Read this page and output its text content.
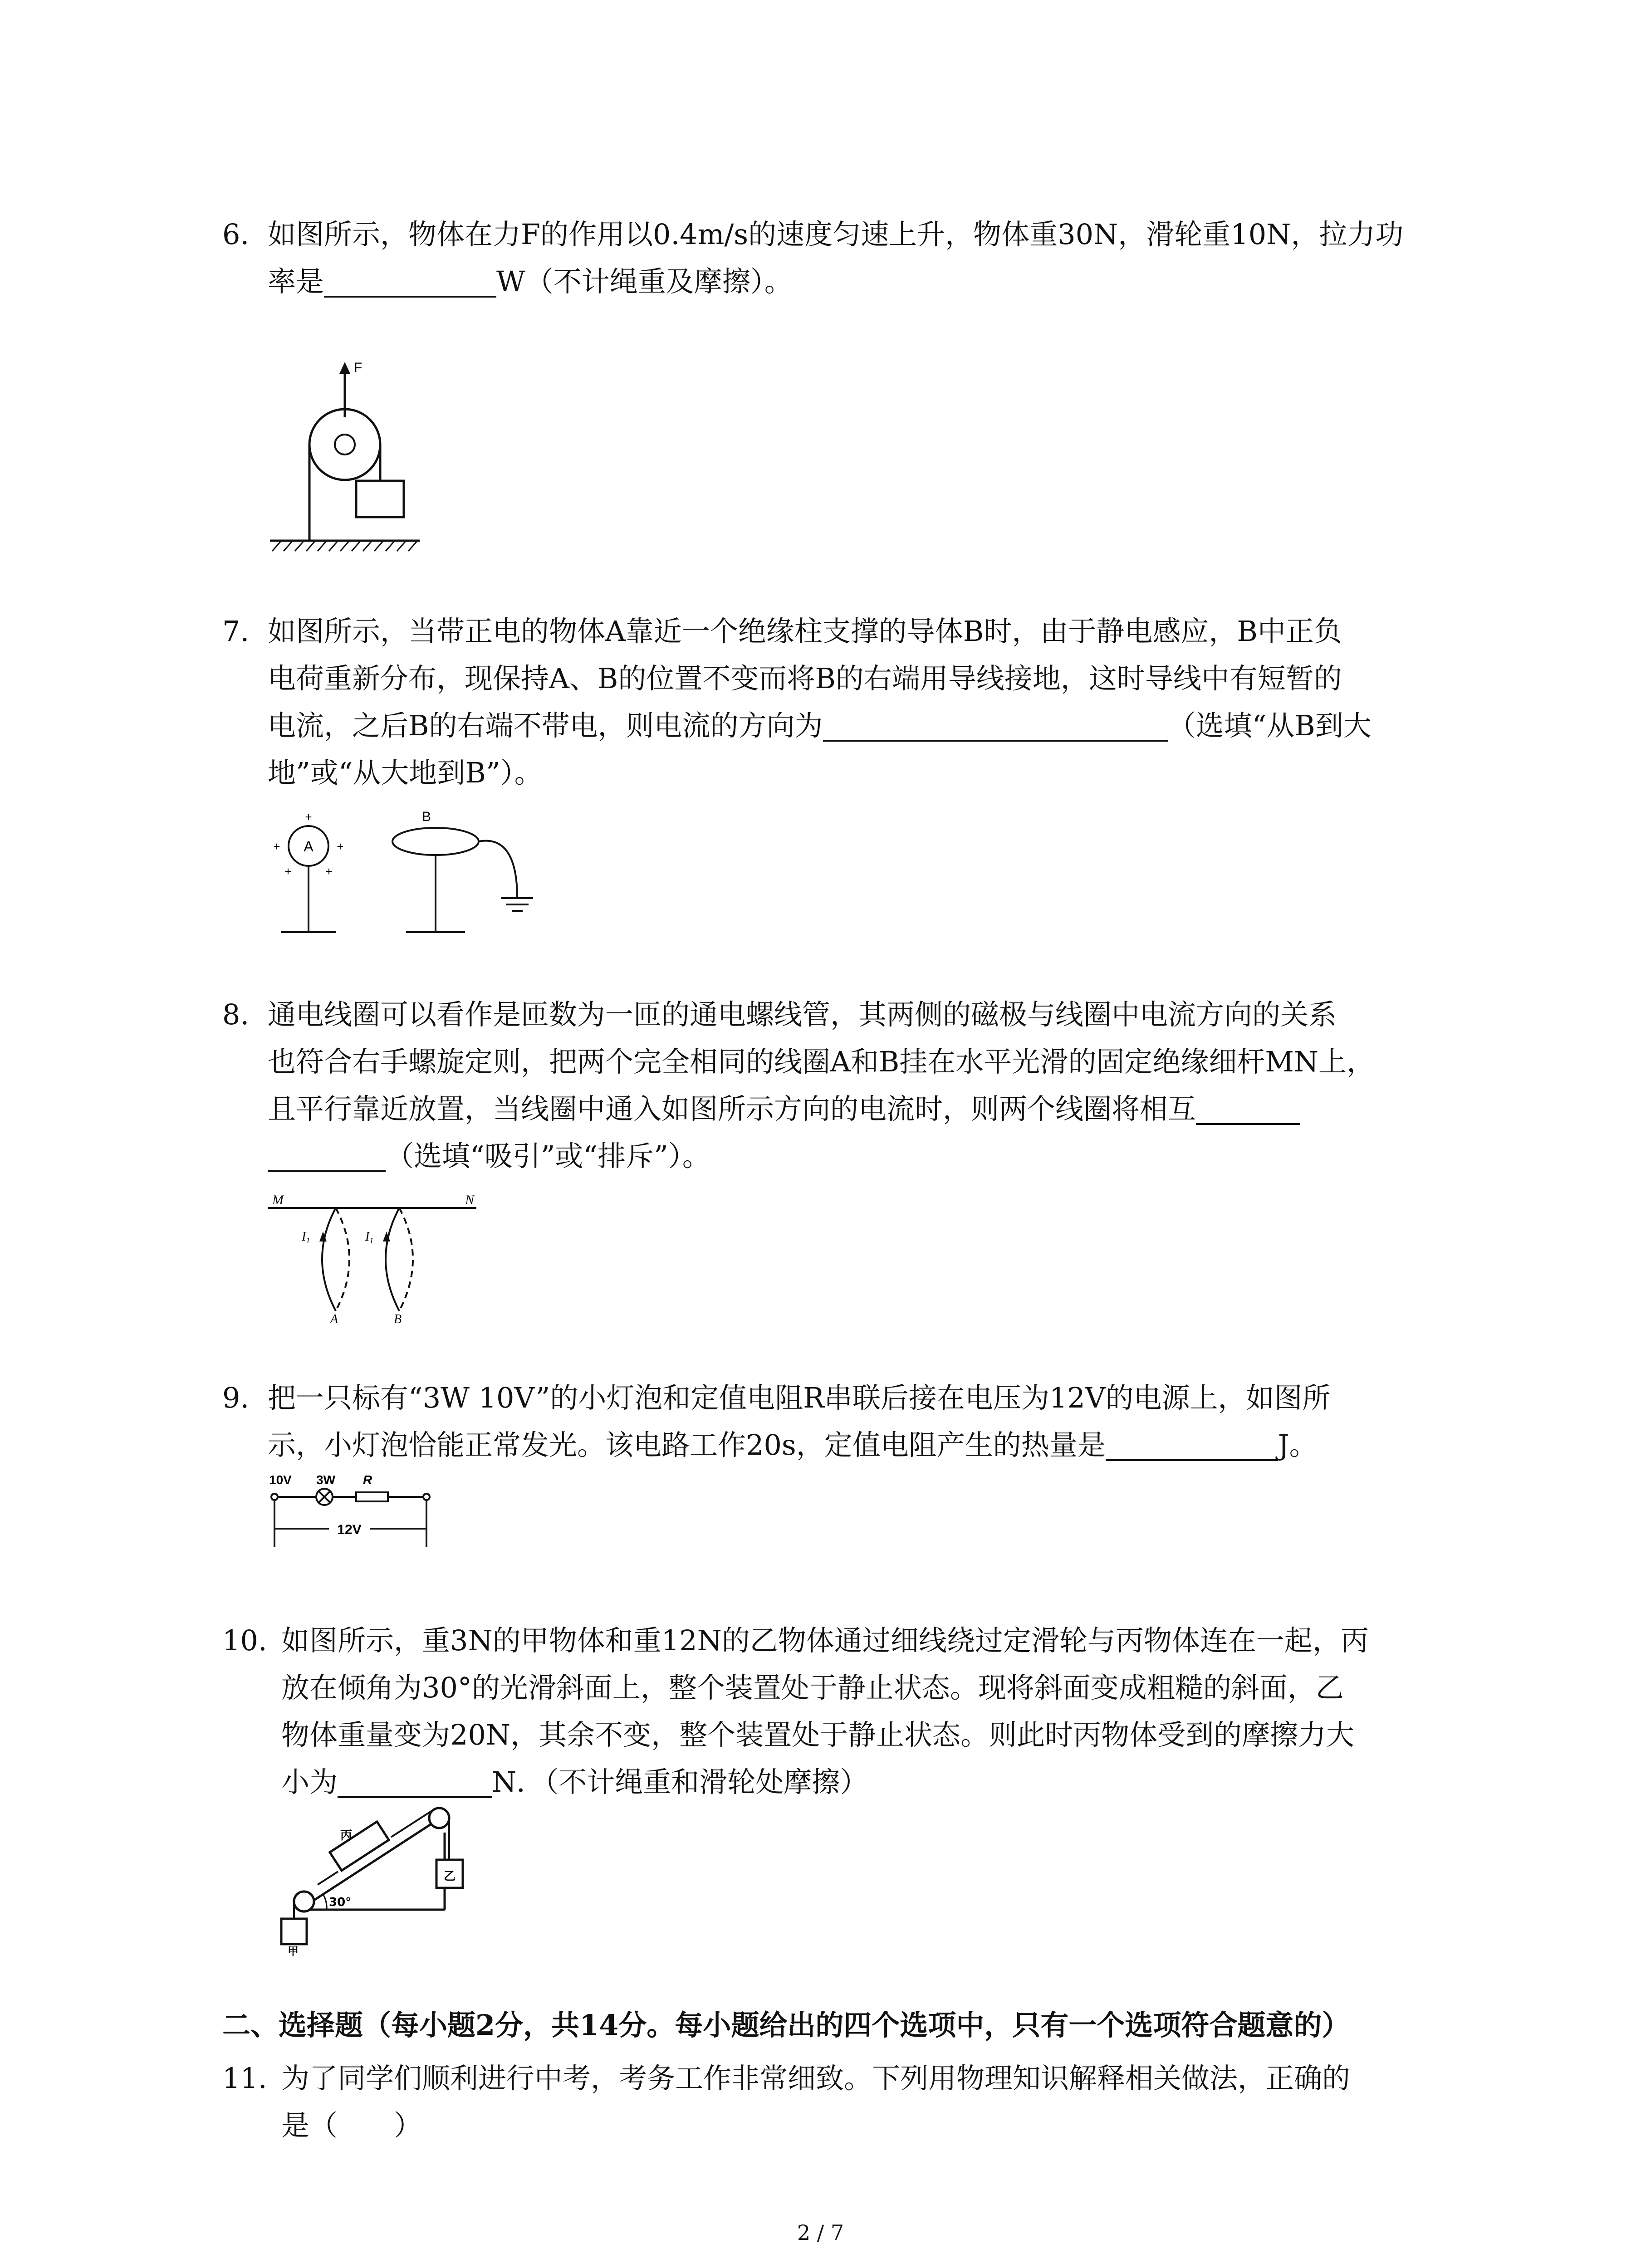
6. 如图所示，物体在力F的作用以0.4m/s的速度匀速上升，物体重30N，滑轮重10N，拉力功
率是	W（不计绳重及摩擦）。
F
7. 如图所示，当带正电的物体A靠近一个绝缘柱支撑的导体B时，由于静电感应，B中正负
电荷重新分布，现保持A、B的位置不变而将B的右端用导线接地，这时导线中有短暂的
电流，之后B的右端不带电，则电流的方向为	（选填“从B到大
地”或“从大地到B”）。
A
+
+	+
+	+
B
8. 通电线圈可以看作是匝数为一匝的通电螺线管，其两侧的磁极与线圈中电流方向的关系
也符合右手螺旋定则，把两个完全相同的线圈A和B挂在水平光滑的固定绝缘细杆MN上，
且平行靠近放置，当线圈中通入如图所示方向的电流时，则两个线圈将相互
（选填“吸引”或“排斥”）。
M	N
$I_1$	$I_1$
A	B
9. 把一只标有“3W 10V”的小灯泡和定值电阻R串联后接在电压为12V的电源上，如图所
示，小灯泡恰能正常发光。该电路工作20s，定值电阻产生的热量是	J。
10V 3W R
12V
10. 如图所示，重3N的甲物体和重12N的乙物体通过细线绕过定滑轮与丙物体连在一起，丙
放在倾角为30°的光滑斜面上，整个装置处于静止状态。现将斜面变成粗糙的斜面，乙
物体重量变为20N，其余不变，整个装置处于静止状态。则此时丙物体受到的摩擦力大
小为	N．（不计绳重和滑轮处摩擦）
丙
乙
甲
30°
二、选择题（每小题2分，共14分。每小题给出的四个选项中，只有一个选项符合题意的）
11. 为了同学们顺利进行中考，考务工作非常细致。下列用物理知识解释相关做法，正确的
是（　　）
2 / 7
